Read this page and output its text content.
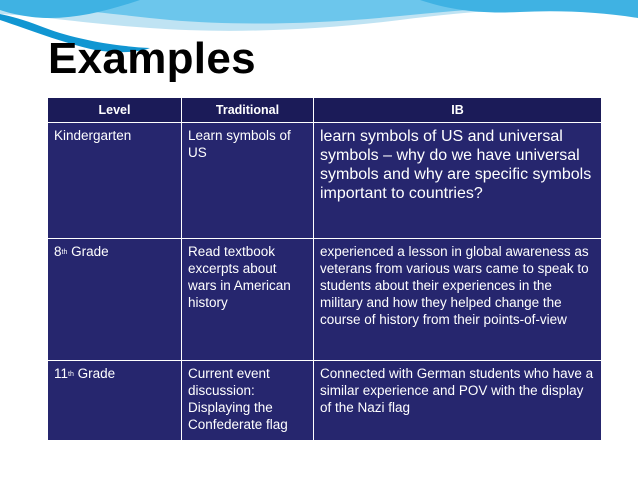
Examples
Level	Traditional	IB
Kindergarten	Learn symbols of US	learn symbols of US and universal symbols – why do we have universal symbols and why are specific symbols important to countries?
8th Grade	Read textbook excerpts about wars in American history	experienced a lesson in global awareness as veterans from various wars came to speak to students about their experiences in the military and how they helped change the course of history from their points-of-view
11th Grade	Current event discussion: Displaying the Confederate flag	Connected with German students who have a similar experience and POV with the display of the Nazi flag
